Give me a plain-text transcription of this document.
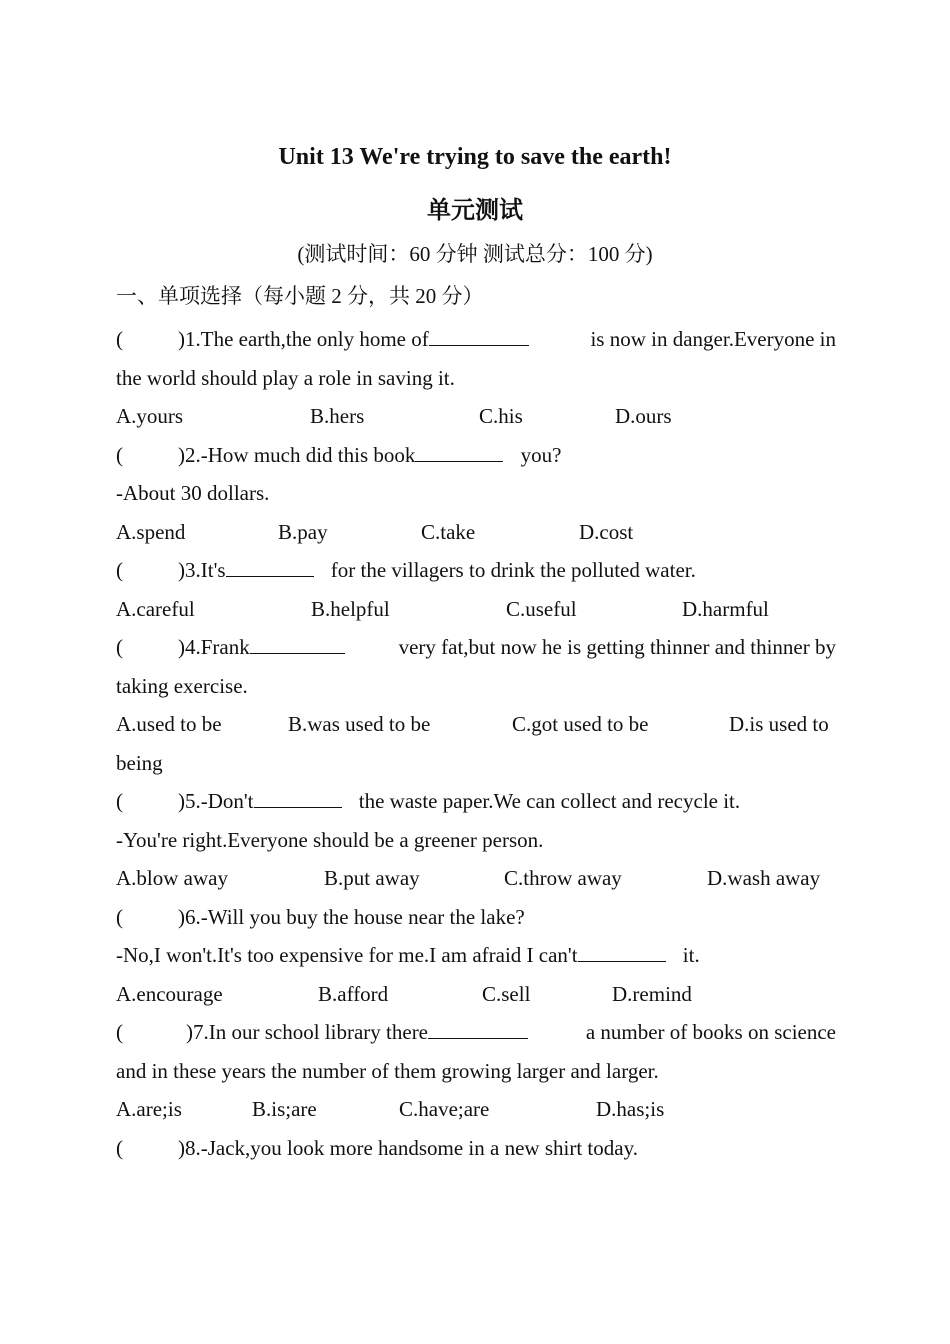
Unit 13 We're trying to save the earth!
单元测试
(测试时间：60 分钟 测试总分：100 分)
一、单项选择（每小题 2 分，共 20 分）
(	)1.The earth,the only home of	is now in danger.Everyone in
the world should play a role in saving it.
A.yours	B.hers	C.his	D.ours
(	)2.-How much did this book	you?
-About 30 dollars.
A.spend	B.pay	C.take	D.cost
(	)3.It's	for the villagers to drink the polluted water.
A.careful	B.helpful	C.useful	D.harmful
(	)4.Frank	very fat,but now he is getting thinner and thinner by
taking exercise.
A.used to be	B.was used to be	C.got used to be	D.is used to
being
(	)5.-Don't	the waste paper.We can collect and recycle it.
-You're right.Everyone should be a greener person.
A.blow away	B.put away	C.throw away	D.wash away
(	)6.-Will you buy the house near the lake?
-No,I won't.It's too expensive for me.I am afraid I can't	it.
A.encourage	B.afford	C.sell	D.remind
(	)7.In our school library there	a number of books on science
and in these years the number of them growing larger and larger.
A.are;is	B.is;are	C.have;are	D.has;is
(	)8.-Jack,you look more handsome in a new shirt today.
